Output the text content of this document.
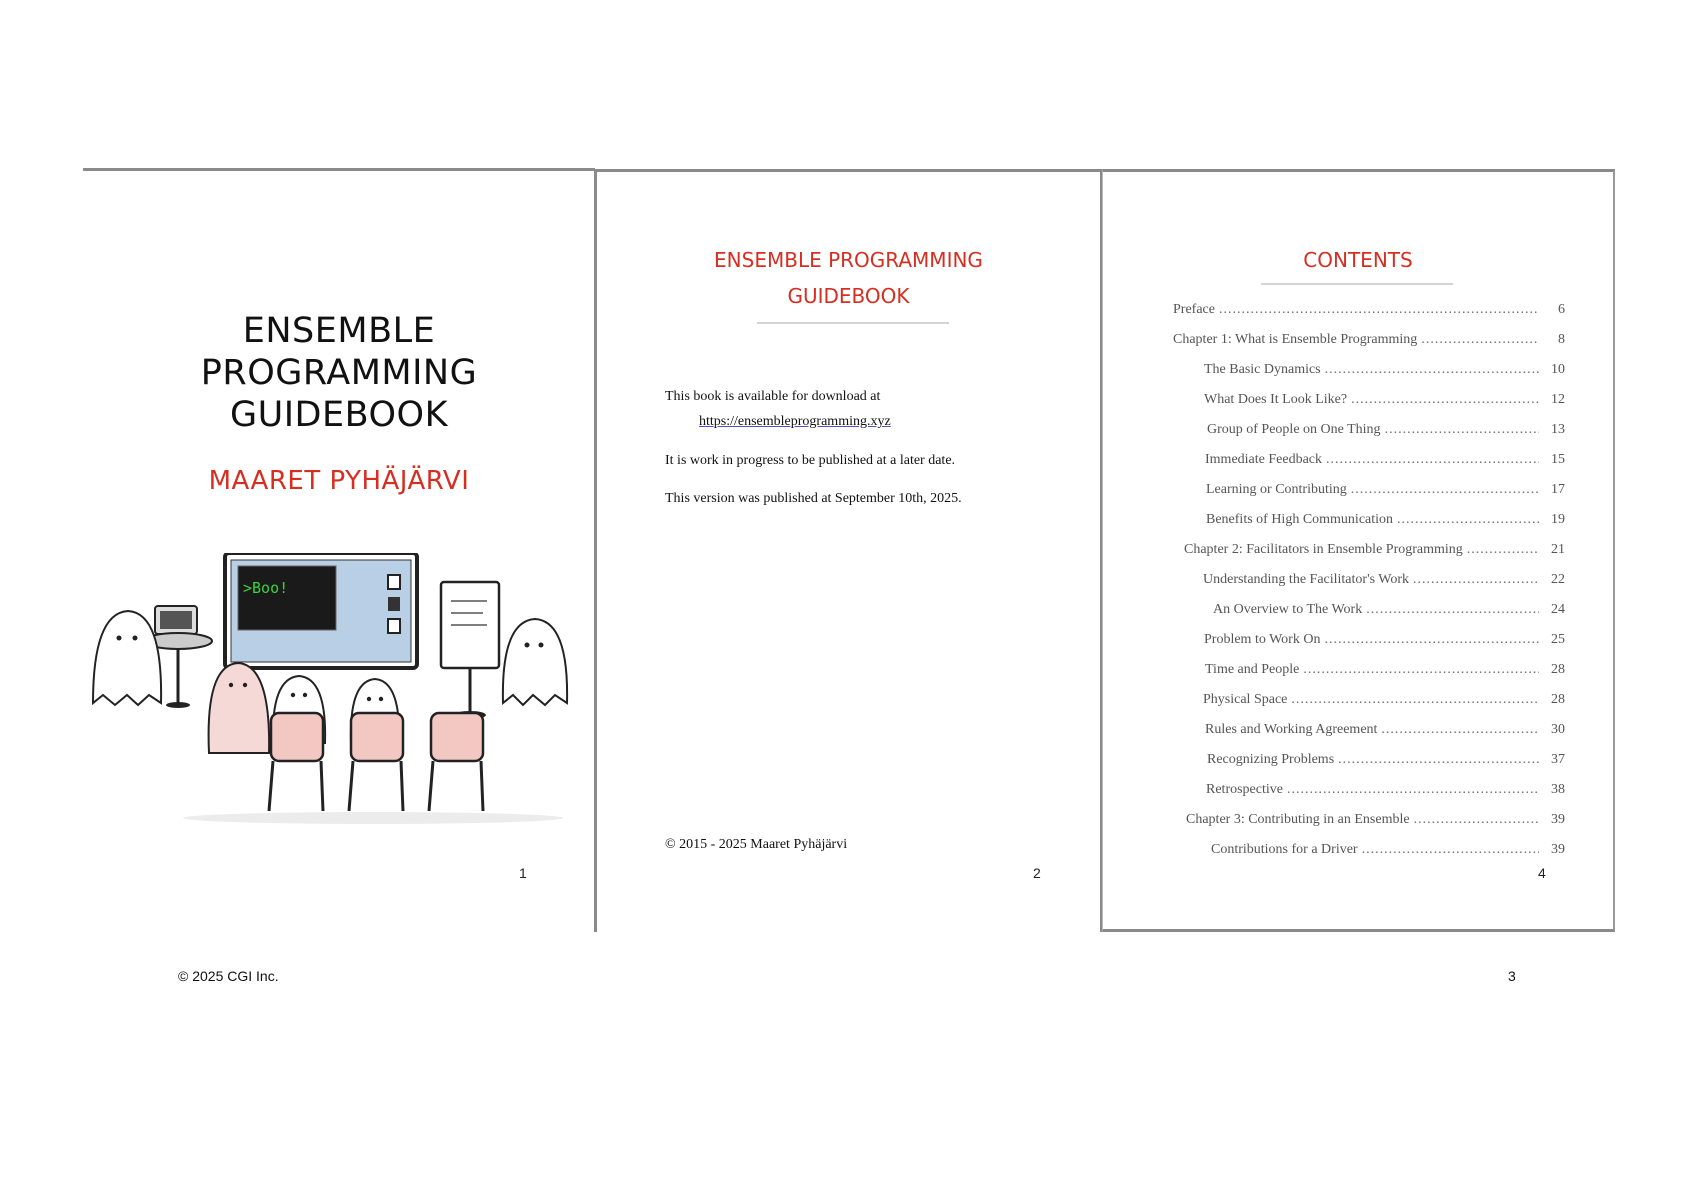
ENSEMBLE
PROGRAMMING
GUIDEBOOK
MAARET PYHÄJÄRVI
>Boo!
1
ENSEMBLE PROGRAMMING
GUIDEBOOK
This book is available for download at
https://ensembleprogramming.xyz
It is work in progress to be published at a later date.
This version was published at September 10th, 2025.
© 2015 - 2025 Maaret Pyhäjärvi
2
CONTENTS
Preface .....	6
Chapter 1: What is Ensemble Programming .....	8
The Basic Dynamics .....	10
What Does It Look Like? .....	12
Group of People on One Thing .....	13
Immediate Feedback .....	15
Learning or Contributing .....	17
Benefits of High Communication .....	19
Chapter 2: Facilitators in Ensemble Programming .....	21
Understanding the Facilitator's Work .....	22
An Overview to The Work .....	24
Problem to Work On .....	25
Time and People .....	28
Physical Space .....	28
Rules and Working Agreement .....	30
Recognizing Problems .....	37
Retrospective .....	38
Chapter 3: Contributing in an Ensemble .....	39
Contributions for a Driver .....	39
4
© 2025 CGI Inc.	3
